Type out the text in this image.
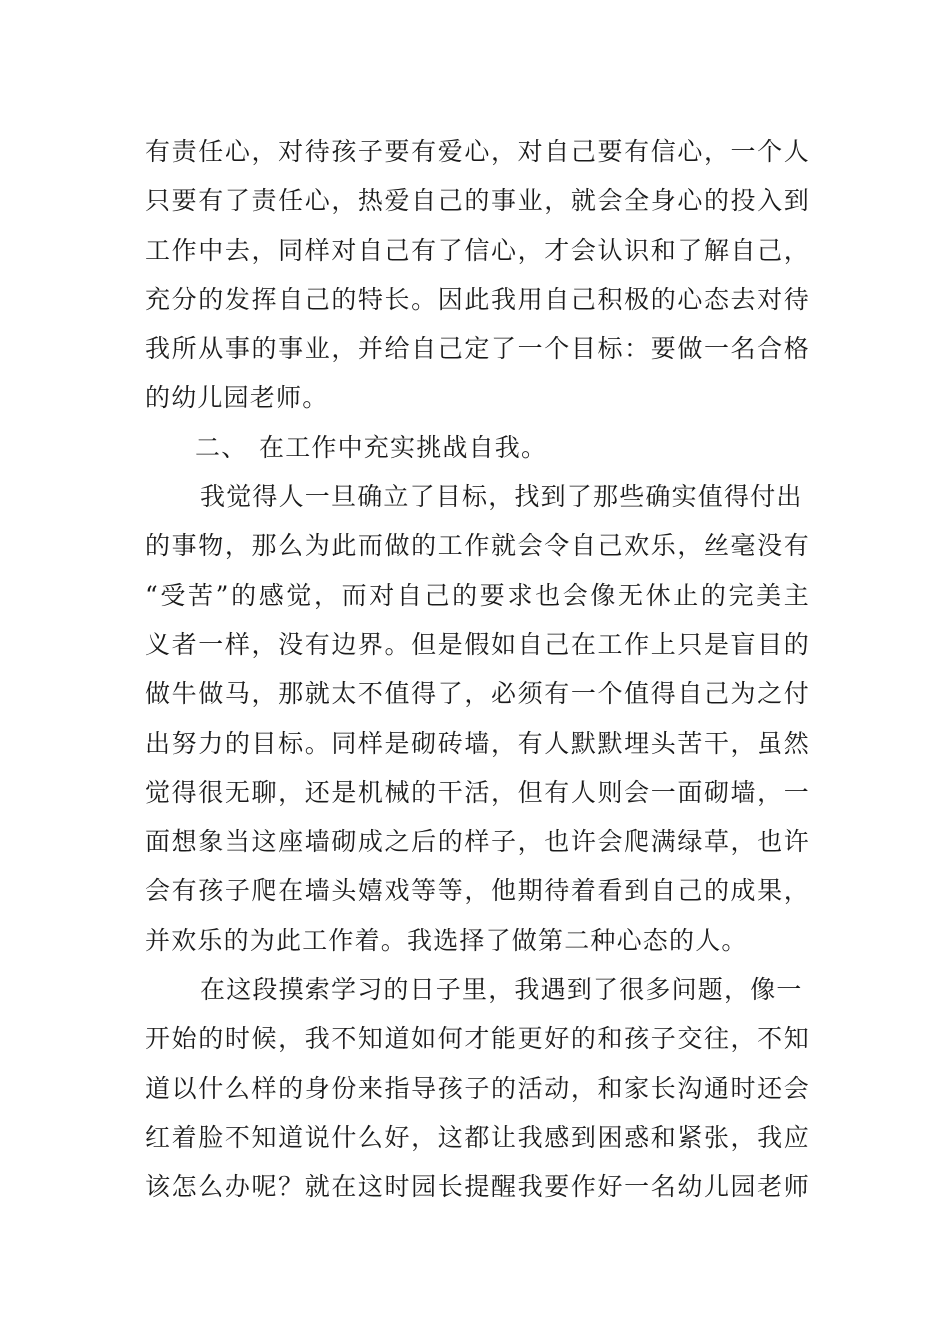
有责任心，对待孩子要有爱心，对自己要有信心，一个人
只要有了责任心，热爱自己的事业，就会全身心的投入到
工作中去，同样对自己有了信心，才会认识和了解自己，
充分的发挥自己的特长。因此我用自己积极的心态去对待
我所从事的事业，并给自己定了一个目标：要做一名合格
的幼儿园老师。
二、 在工作中充实挑战自我。
我觉得人一旦确立了目标，找到了那些确实值得付出
的事物，那么为此而做的工作就会令自己欢乐，丝毫没有
“受苦”的感觉，而对自己的要求也会像无休止的完美主
义者一样，没有边界。但是假如自己在工作上只是盲目的
做牛做马，那就太不值得了，必须有一个值得自己为之付
出努力的目标。同样是砌砖墙，有人默默埋头苦干，虽然
觉得很无聊，还是机械的干活，但有人则会一面砌墙，一
面想象当这座墙砌成之后的样子，也许会爬满绿草，也许
会有孩子爬在墙头嬉戏等等，他期待着看到自己的成果，
并欢乐的为此工作着。我选择了做第二种心态的人。
在这段摸索学习的日子里，我遇到了很多问题，像一
开始的时候，我不知道如何才能更好的和孩子交往，不知
道以什么样的身份来指导孩子的活动，和家长沟通时还会
红着脸不知道说什么好，这都让我感到困惑和紧张，我应
该怎么办呢？就在这时园长提醒我要作好一名幼儿园老师
